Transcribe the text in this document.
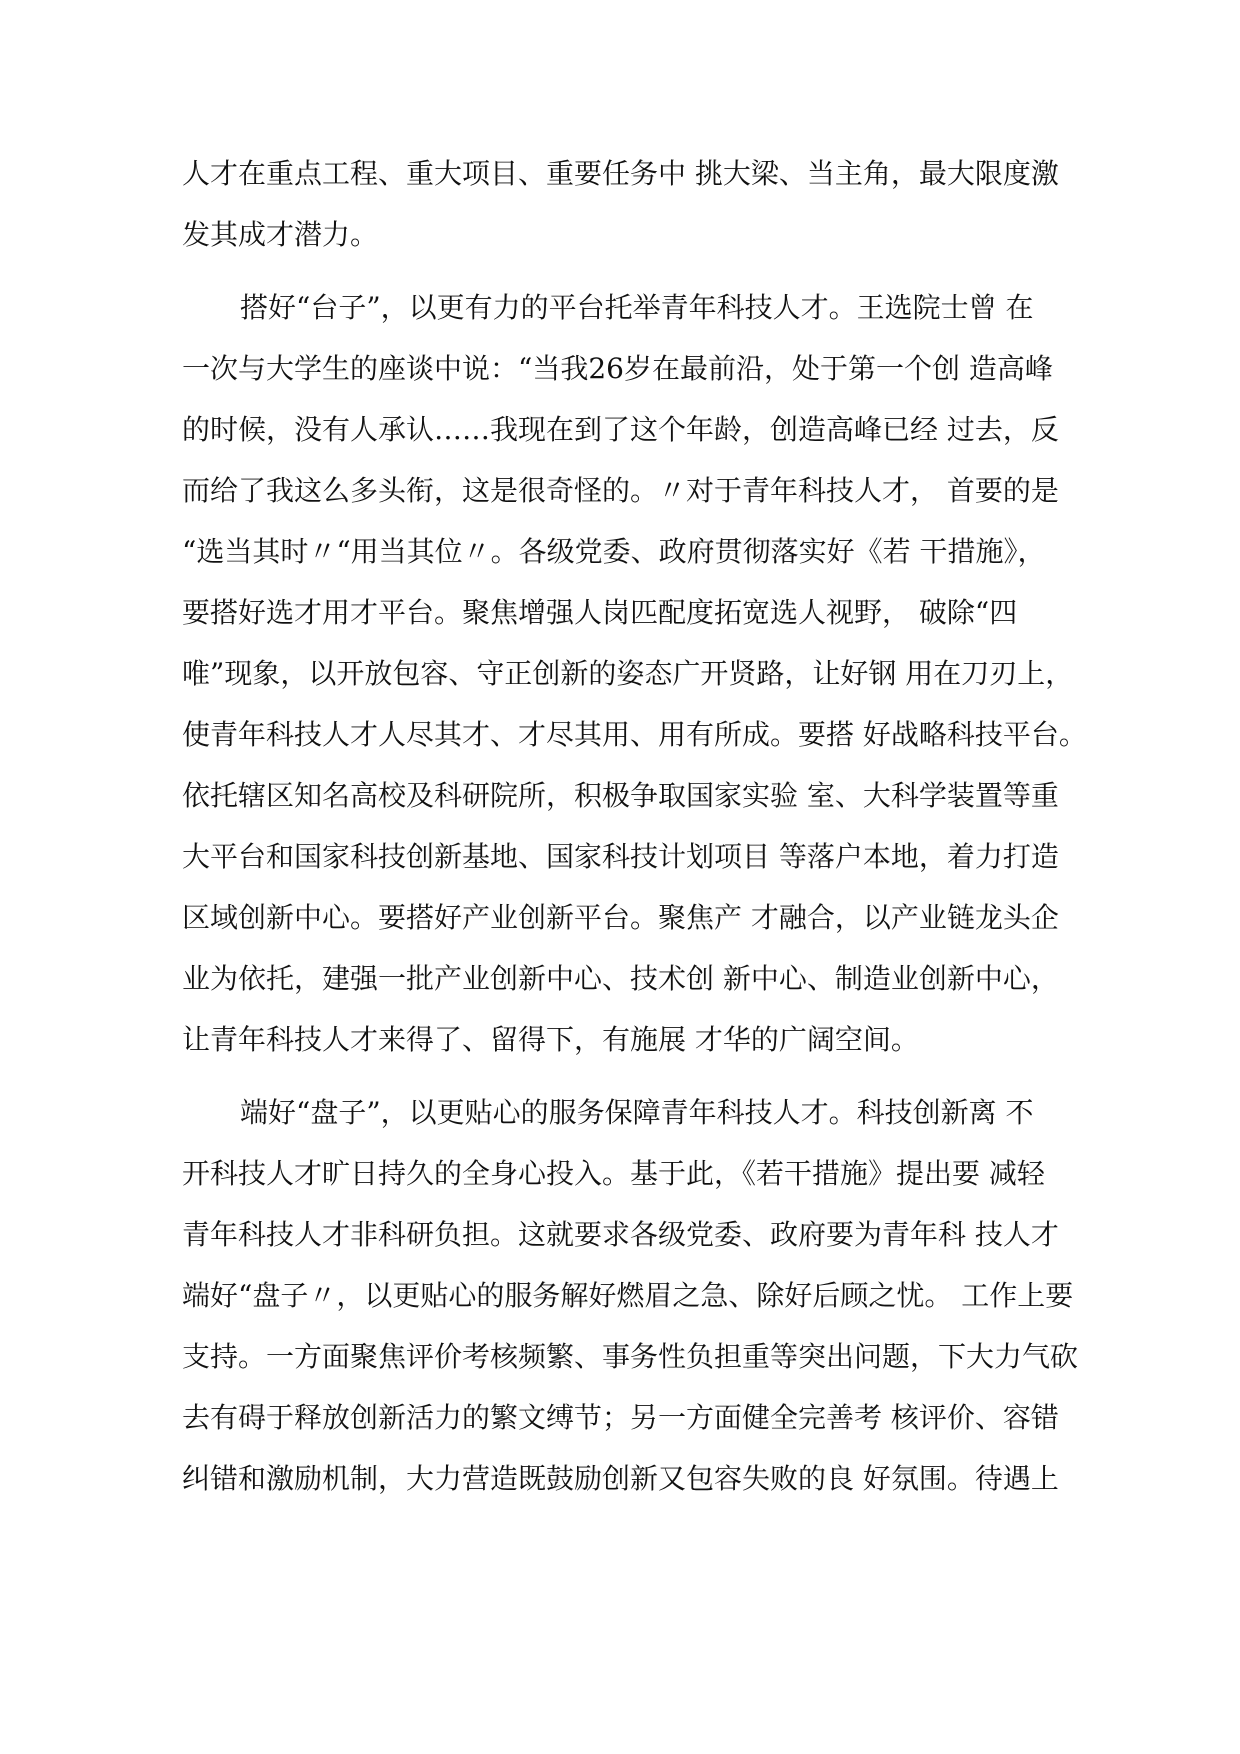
人才在重点工程、重大项目、重要任务中 挑大梁、当主角，最大限度激
发其成才潜力。
搭好“台子”，以更有力的平台托举青年科技人才。王选院士曾 在
一次与大学生的座谈中说：“当我26岁在最前沿，处于第一个创 造高峰
的时候，没有人承认……我现在到了这个年龄，创造高峰已经 过去，反
而给了我这么多头衔，这是很奇怪的。〃对于青年科技人才， 首要的是
“选当其时〃“用当其位〃。各级党委、政府贯彻落实好《若 干措施》，
要搭好选才用才平台。聚焦增强人岗匹配度拓宽选人视野， 破除“四
唯”现象，以开放包容、守正创新的姿态广开贤路，让好钢 用在刀刃上，
使青年科技人才人尽其才、才尽其用、用有所成。要搭 好战略科技平台。
依托辖区知名高校及科研院所，积极争取国家实验 室、大科学装置等重
大平台和国家科技创新基地、国家科技计划项目 等落户本地，着力打造
区域创新中心。要搭好产业创新平台。聚焦产 才融合，以产业链龙头企
业为依托，建强一批产业创新中心、技术创 新中心、制造业创新中心，
让青年科技人才来得了、留得下，有施展 才华的广阔空间。
端好“盘子”，以更贴心的服务保障青年科技人才。科技创新离 不
开科技人才旷日持久的全身心投入。基于此，《若干措施》提出要 减轻
青年科技人才非科研负担。这就要求各级党委、政府要为青年科 技人才
端好“盘子〃，以更贴心的服务解好燃眉之急、除好后顾之忧。 工作上要
支持。一方面聚焦评价考核频繁、事务性负担重等突出问题，下大力气砍
去有碍于释放创新活力的繁文缚节；另一方面健全完善考 核评价、容错
纠错和激励机制，大力营造既鼓励创新又包容失败的良 好氛围。待遇上
